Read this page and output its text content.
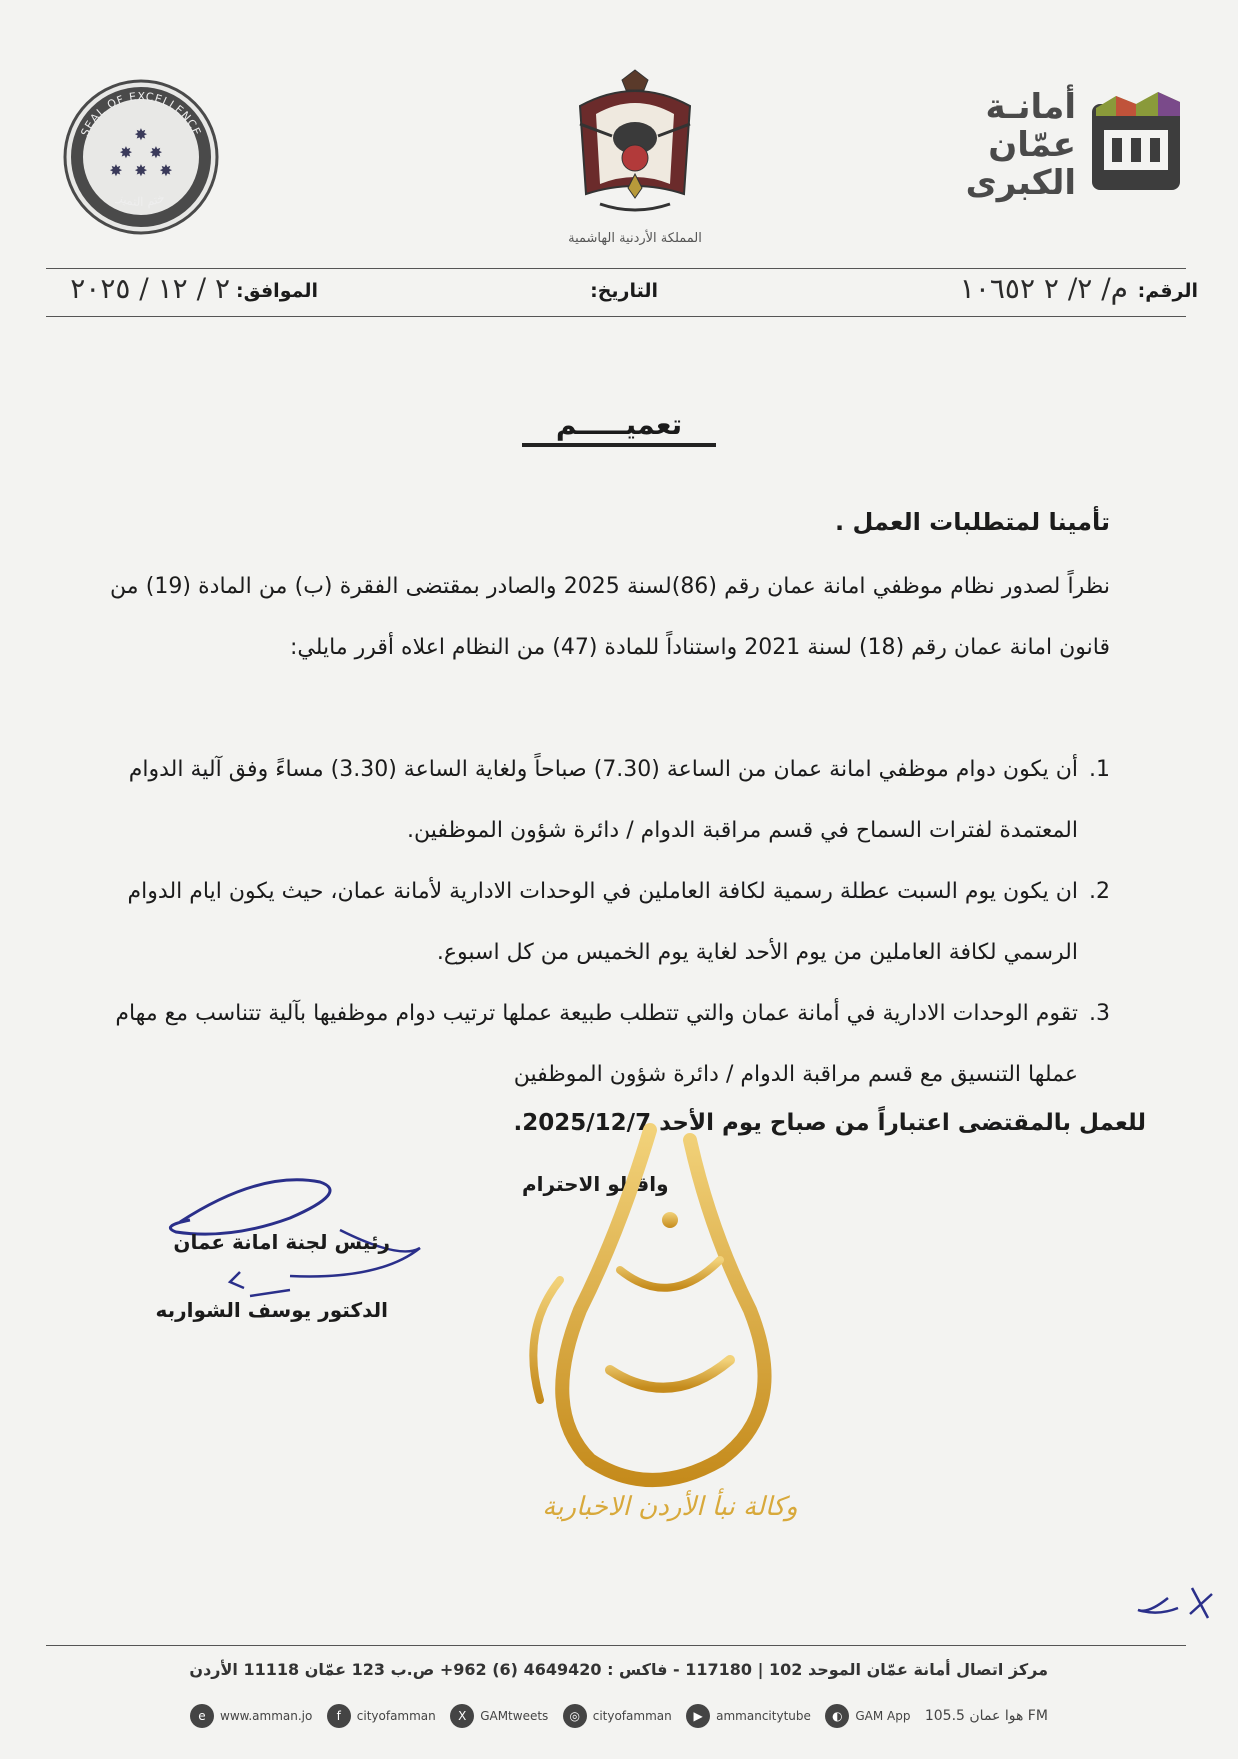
أمانـة
عمّان
الكبرى
المملكة الأردنية الهاشمية
SEAL OF EXCELLENCE
ختم التميز
✸
✸ ✸
✸ ✸ ✸
الرقم:
م/ ٢/ ٢ ١٠٦٥٢
التاريخ:
الموافق:
٢ / ١٢ / ٢٠٢٥
تعميـــــم
تأمينا لمتطلبات العمل .
نظراً لصدور نظام موظفي امانة عمان رقم (86)لسنة 2025 والصادر بمقتضى الفقرة (ب) من المادة (19) من قانون امانة عمان رقم (18) لسنة 2021 واستناداً للمادة (47) من النظام اعلاه أقرر مايلي:
1.
أن يكون دوام موظفي امانة عمان من الساعة (7.30) صباحاً ولغاية الساعة (3.30) مساءً وفق آلية الدوام المعتمدة لفترات السماح في قسم مراقبة الدوام / دائرة شؤون الموظفين.
2.
ان يكون يوم السبت عطلة رسمية لكافة العاملين في الوحدات الادارية لأمانة عمان، حيث يكون ايام الدوام الرسمي لكافة العاملين من يوم الأحد لغاية يوم الخميس من كل اسبوع.
3.
تقوم الوحدات الادارية في أمانة عمان والتي تتطلب طبيعة عملها ترتيب دوام موظفيها بآلية تتناسب مع مهام عملها التنسيق مع قسم مراقبة الدوام / دائرة شؤون الموظفين
للعمل بالمقتضى اعتباراً من صباح يوم الأحد 2025/12/7.
واقبلو الاحترام
رئيس لجنة امانة عمان
الدكتور يوسف الشواربه
وكالة نبأ الأردن الاخبارية
مركز اتصال أمانة عمّان الموحد 102 | 117180 - فاكس : 4649420 (6) 962+ ص.ب 123 عمّان 11118 الأردن
e	www.amman.jo	f	cityofamman	X	GAMtweets	◎	cityofamman	▶	ammancitytube	◐	GAM App هوا عمان 105.5 FM
